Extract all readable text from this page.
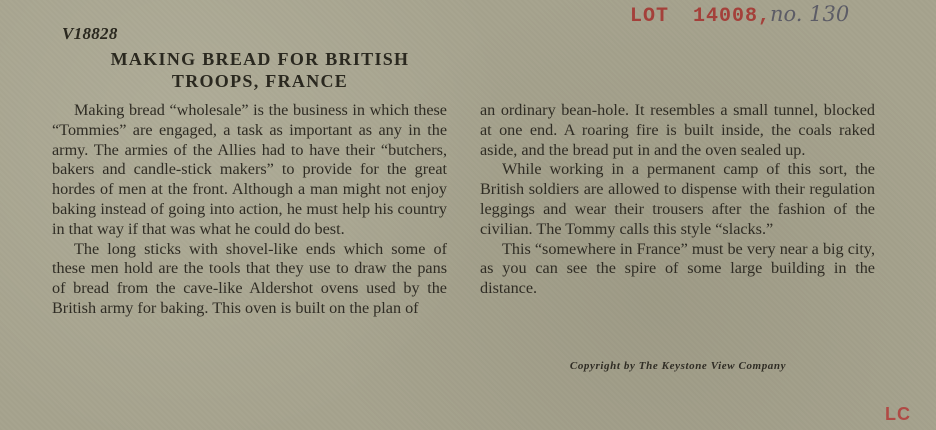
V18828
LOT 14008,
no. 130
MAKING BREAD FOR BRITISH
TROOPS, FRANCE

Making bread “wholesale” is the business in which these “Tommies” are engaged, a task as important as any in the army. The armies of the Allies had to have their “butchers, bakers and candle-stick makers” to provide for the great hordes of men at the front. Although a man might not enjoy baking instead of going into action, he must help his country in that way if that was what he could do best.

The long sticks with shovel-like ends which some of these men hold are the tools that they use to draw the pans of bread from the cave-like Aldershot ovens used by the British army for baking. This oven is built on the plan of

an ordinary bean-hole. It resembles a small tunnel, blocked at one end. A roaring fire is built inside, the coals raked aside, and the bread put in and the oven sealed up.

While working in a permanent camp of this sort, the British soldiers are allowed to dispense with their regulation leggings and wear their trousers after the fashion of the civilian. The Tommy calls this style “slacks.”

This “somewhere in France” must be very near a big city, as you can see the spire of some large building in the distance.

Copyright by The Keystone View Company
LC
